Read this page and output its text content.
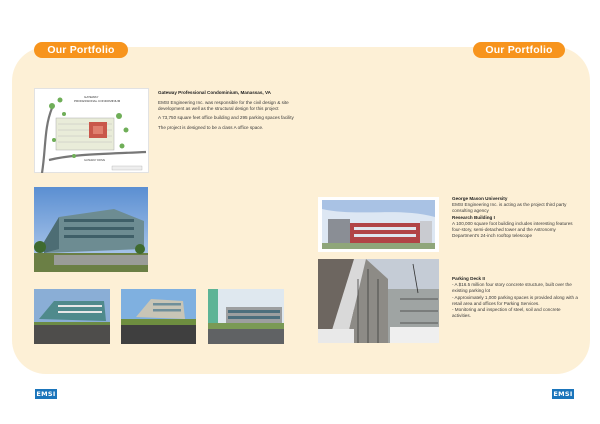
Our Portfolio	Our Portfolio
GATEWAY
PROFESSIONAL CONDOMINIUM
GATEWAY DRIVE

Gateway Professional Condominium, Manassas, VA

EMSI Engineering Inc. was responsible for the civil design & site development as well as the structural design for this project

A 73,750 square feet office building and 295 parking spaces facility

The project is designed to be a class A office space.

George Mason University
EMSI Engineering Inc. is acting as the project third party consulting agency
Research Building I
A 100,000 square foot building includes interesting features four-story, semi-detached tower and the Astronomy Department's 24-inch rooftop telescope

Parking Deck II
- A $16.5 million four story concrete structure, built over the existing parking lot
- Approximately 1,000 parking spaces is provided along with a retail area and offices for Parking Services.
- Monitoring and inspection of steel, soil and concrete activities.

EMSI	EMSI
